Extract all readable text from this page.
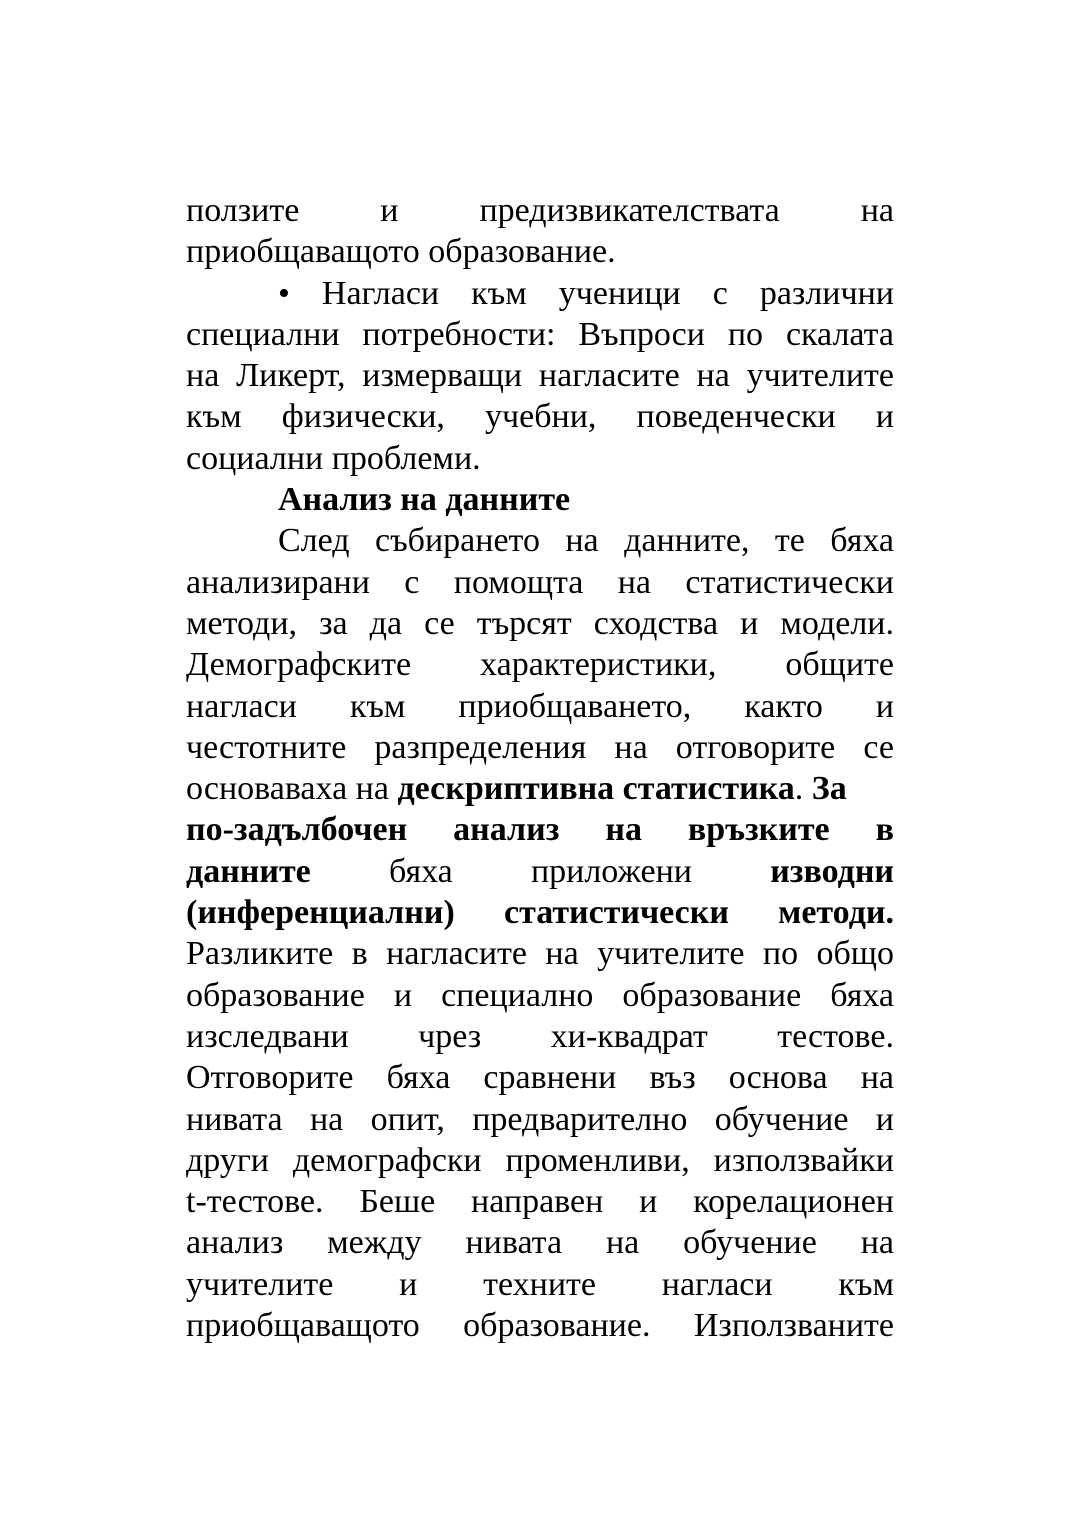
ползите и предизвикателствата на
приобщаващото образование.
• Нагласи към ученици с различни
специални потребности: Въпроси по скалата
на Ликерт, измерващи нагласите на учителите
към физически, учебни, поведенчески и
социални проблеми.
Анализ на данните
След събирането на данните, те бяха
анализирани с помощта на статистически
методи, за да се търсят сходства и модели.
Демографските характеристики, общите
нагласи към приобщаването, както и
честотните разпределения на отговорите се
основаваха на дескриптивна статистика. За
по-задълбочен анализ на връзките в
данните бяха приложени изводни
(инференциални) статистически методи.
Разликите в нагласите на учителите по общо
образование и специално образование бяха
изследвани чрез хи-квадрат тестове.
Отговорите бяха сравнени въз основа на
нивата на опит, предварително обучение и
други демографски променливи, използвайки
t-тестове. Беше направен и корелационен
анализ между нивата на обучение на
учителите и техните нагласи към
приобщаващото образование. Използваните
